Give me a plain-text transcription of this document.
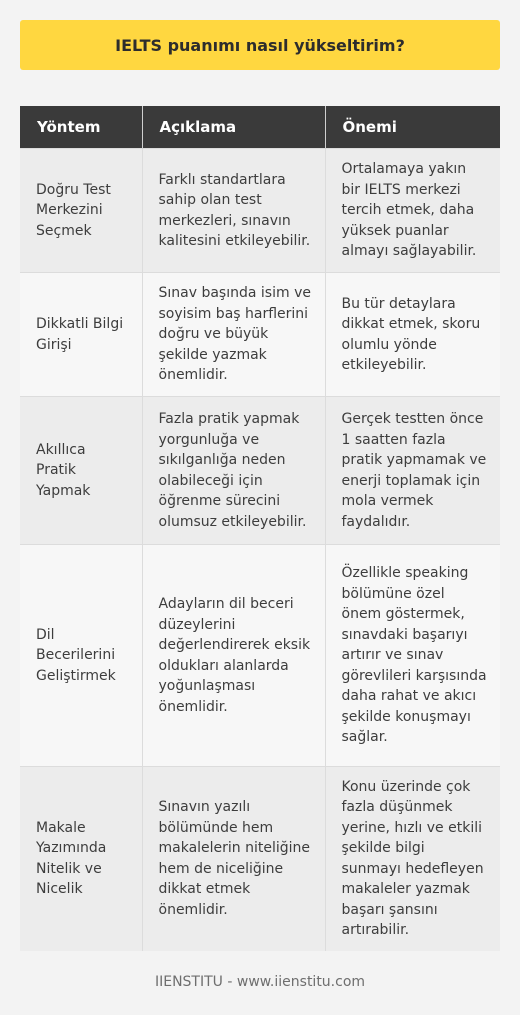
IELTS puanımı nasıl yükseltirim?
Yöntem	Açıklama	Önemi
Doğru Test Merkezini Seçmek	Farklı standartlara sahip olan test merkezleri, sınavın kalitesini etkileyebilir.	Ortalamaya yakın bir IELTS merkezi tercih etmek, daha yüksek puanlar almayı sağlayabilir.
Dikkatli Bilgi Girişi	Sınav başında isim ve soyisim baş harflerini doğru ve büyük şekilde yazmak önemlidir.	Bu tür detaylara dikkat etmek, skoru olumlu yönde etkileyebilir.
Akıllıca Pratik Yapmak	Fazla pratik yapmak yorgunluğa ve sıkılganlığa neden olabileceği için öğrenme sürecini olumsuz etkileyebilir.	Gerçek testten önce 1 saatten fazla pratik yapmamak ve enerji toplamak için mola vermek faydalıdır.
Dil Becerilerini Geliştirmek	Adayların dil beceri düzeylerini değerlendirerek eksik oldukları alanlarda yoğunlaşması önemlidir.	Özellikle speaking bölümüne özel önem göstermek, sınavdaki başarıyı artırır ve sınav görevlileri karşısında daha rahat ve akıcı şekilde konuşmayı sağlar.
Makale Yazımında Nitelik ve Nicelik	Sınavın yazılı bölümünde hem makalelerin niteliğine hem de niceliğine dikkat etmek önemlidir.	Konu üzerinde çok fazla düşünmek yerine, hızlı ve etkili şekilde bilgi sunmayı hedefleyen makaleler yazmak başarı şansını artırabilir.
IIENSTITU - www.iienstitu.com
